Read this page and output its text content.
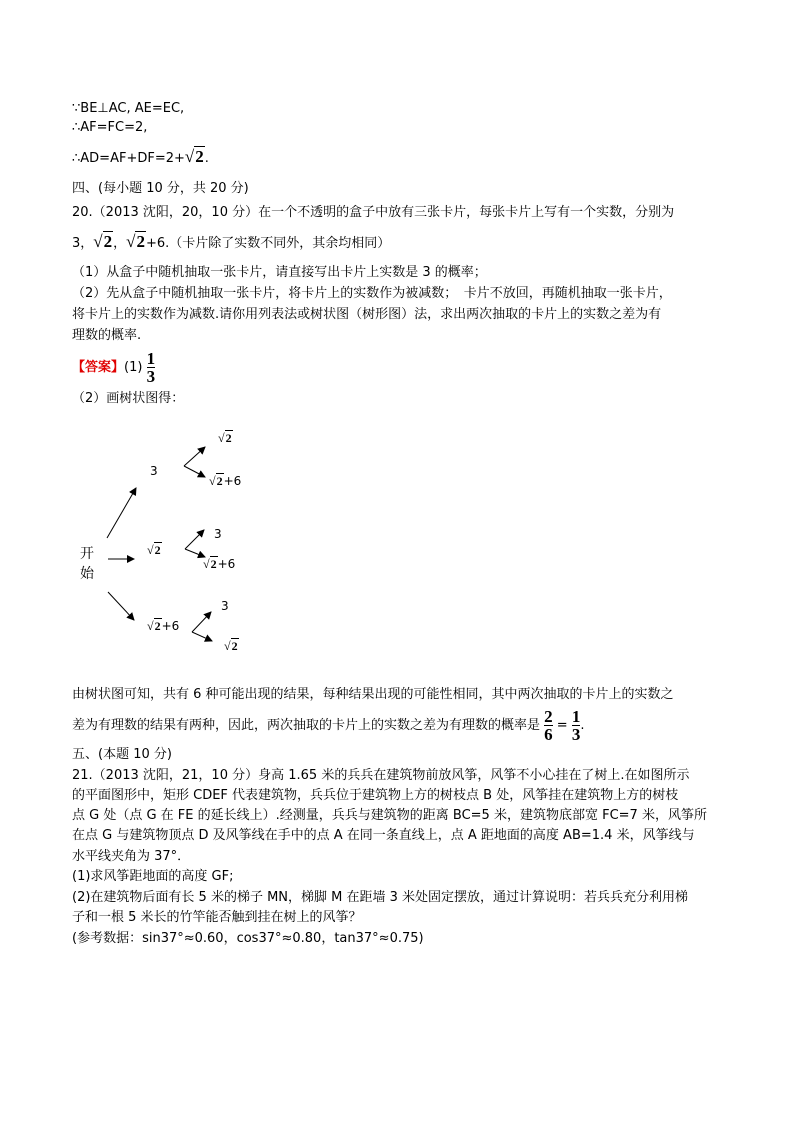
∵BE⊥AC, AE=EC,
∴AF=FC=2,
∴AD=AF+DF=2+√2.
四、(每小题 10 分，共 20 分)
20.（2013 沈阳，20，10 分）在一个不透明的盒子中放有三张卡片，每张卡片上写有一个实数，分别为
3，√2，√2+6.（卡片除了实数不同外，其余均相同）
（1）从盒子中随机抽取一张卡片，请直接写出卡片上实数是 3 的概率；
（2）先从盒子中随机抽取一张卡片，将卡片上的实数作为被减数；　卡片不放回，再随机抽取一张卡片，
将卡片上的实数作为减数.请你用列表法或树状图（树形图）法，求出两次抽取的卡片上的实数之差为有
理数的概率.
【答案】$(1) \frac{1}{3}$
（2）画树状图得：
开
始
3
√2
√2+6
√2
√2+6
3
√2+6
3
√2
由树状图可知，共有 6 种可能出现的结果，每种结果出现的可能性相同，其中两次抽取的卡片上的实数之
差为有理数的结果有两种，因此，两次抽取的卡片上的实数之差为有理数的概率是 $\frac{2}{6} = \frac{1}{3}$ .
五、(本题 10 分)
21.（2013 沈阳，21，10 分）身高 1.65 米的兵兵在建筑物前放风筝，风筝不小心挂在了树上.在如图所示
的平面图形中，矩形 CDEF 代表建筑物，兵兵位于建筑物上方的树枝点 B 处，风筝挂在建筑物上方的树枝
点 G 处（点 G 在 FE 的延长线上）.经测量，兵兵与建筑物的距离 BC=5 米，建筑物底部宽 FC=7 米，风筝所
在点 G 与建筑物顶点 D 及风筝线在手中的点 A 在同一条直线上，点 A 距地面的高度 AB=1.4 米，风筝线与
水平线夹角为 37°．
(1)求风筝距地面的高度 GF;
(2)在建筑物后面有长 5 米的梯子 MN，梯脚 M 在距墙 3 米处固定摆放，通过计算说明：若兵兵充分利用梯
子和一根 5 米长的竹竿能否触到挂在树上的风筝？
(参考数据：sin37°≈0.60，cos37°≈0.80，tan37°≈0.75)
